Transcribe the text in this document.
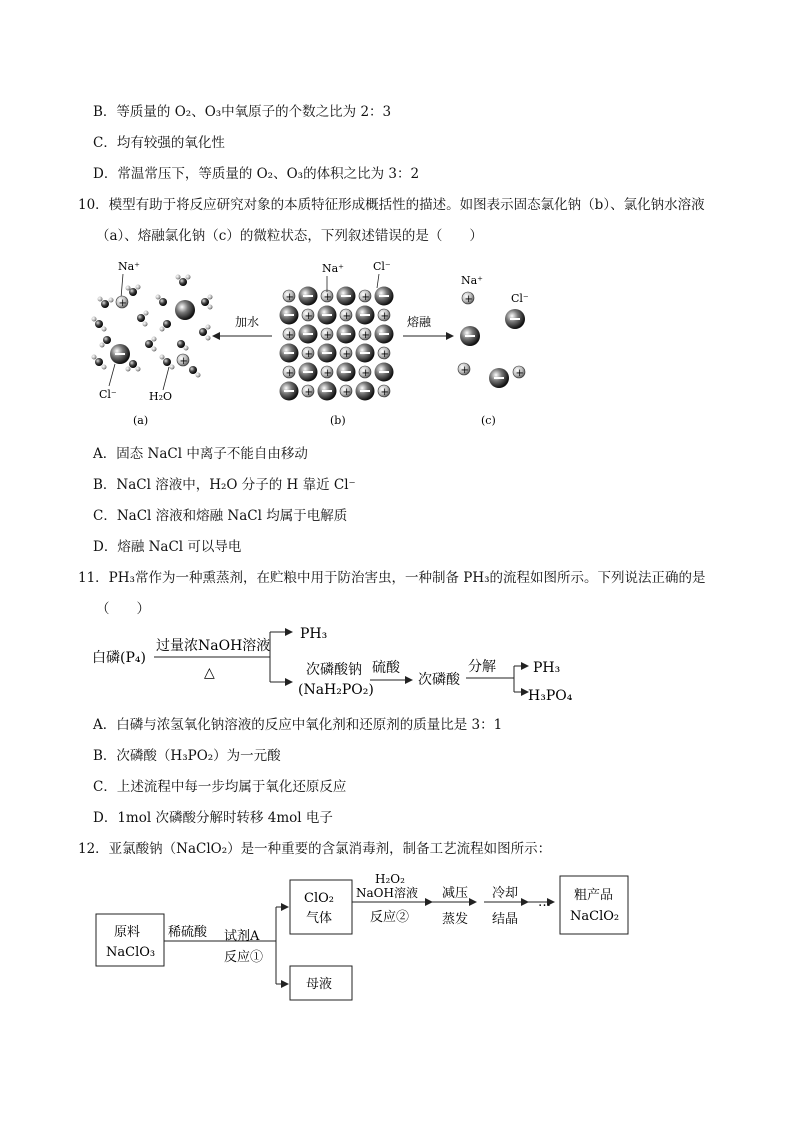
B．等质量的 O₂、O₃中氧原子的个数之比为 2：3
C．均有较强的氧化性
D．常温常压下，等质量的 O₂、O₃的体积之比为 3：2
10．模型有助于将反应研究对象的本质特征形成概括性的描述。如图表示固态氯化钠（b）、氯化钠水溶液
（a）、熔融氯化钠（c）的微粒状态，下列叙述错误的是（　　）
Na⁺
+
+
Cl⁻	H₂O
(a)
加水
+	+	+
+	+	+
+	+	+
+	+	+
+	+	+
+	+	+
Na⁺	Cl⁻
(b)
熔融
Na⁺
Cl⁻
+
+	+
(c)
A．固态 NaCl 中离子不能自由移动
B．NaCl 溶液中，H₂O 分子的 H 靠近 Cl⁻
C．NaCl 溶液和熔融 NaCl 均属于电解质
D．熔融 NaCl 可以导电
11．PH₃常作为一种熏蒸剂，在贮粮中用于防治害虫，一种制备 PH₃的流程如图所示。下列说法正确的是
（　　）
白磷(P₄)
过量浓NaOH溶液
△
PH₃
次磷酸钠
(NaH₂PO₂)
硫酸
次磷酸
分解	PH₃
H₃PO₄
A．白磷与浓氢氧化钠溶液的反应中氧化剂和还原剂的质量比是 3：1
B．次磷酸（H₃PO₂）为一元酸
C．上述流程中每一步均属于氧化还原反应
D．1mol 次磷酸分解时转移 4mol 电子
12．亚氯酸钠（NaClO₂）是一种重要的含氯消毒剂，制备工艺流程如图所示：
原料
NaClO₃
稀硫酸 试剂A
反应①
ClO₂
气体
母液
H₂O₂
NaOH溶液
反应②
减压
蒸发
冷却
结晶
… 粗产品
NaClO₂
